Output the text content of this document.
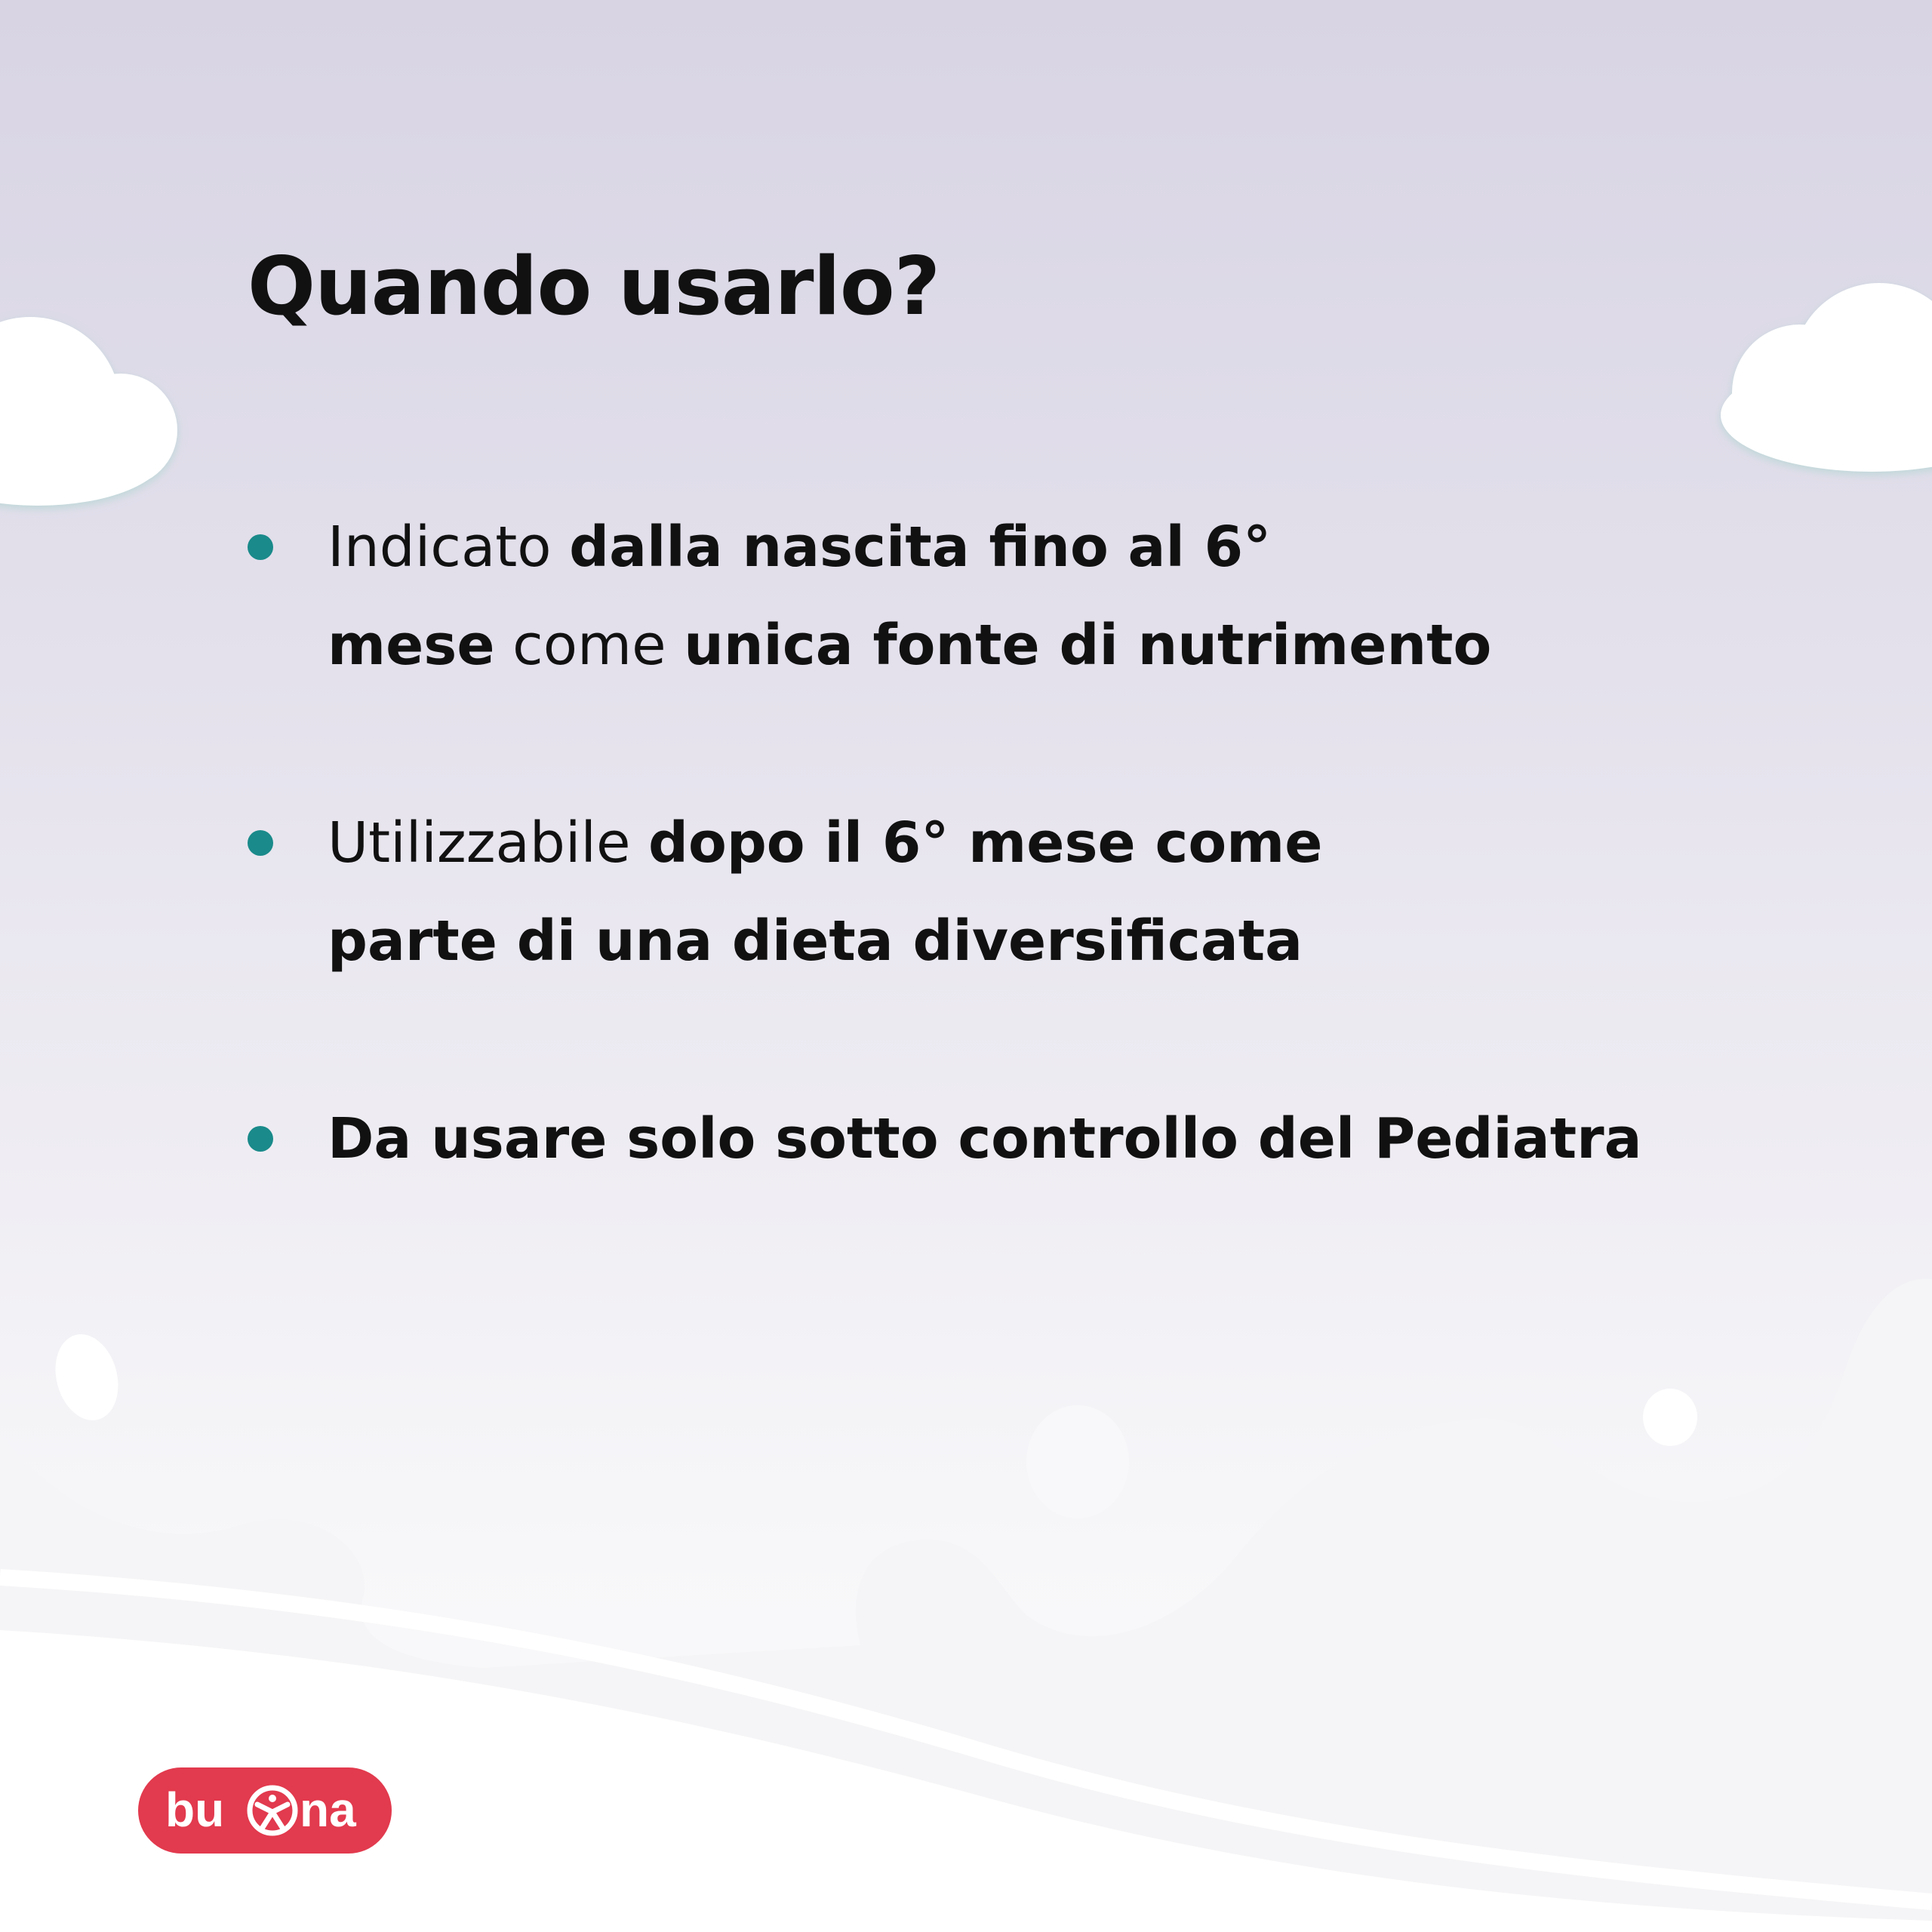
Quando usarlo?
Indicato dalla nascita fino al 6°
mese come unica fonte di nutrimento
Utilizzabile dopo il 6° mese come
parte di una dieta diversificata
Da usare solo sotto controllo del Pediatra
bu na
